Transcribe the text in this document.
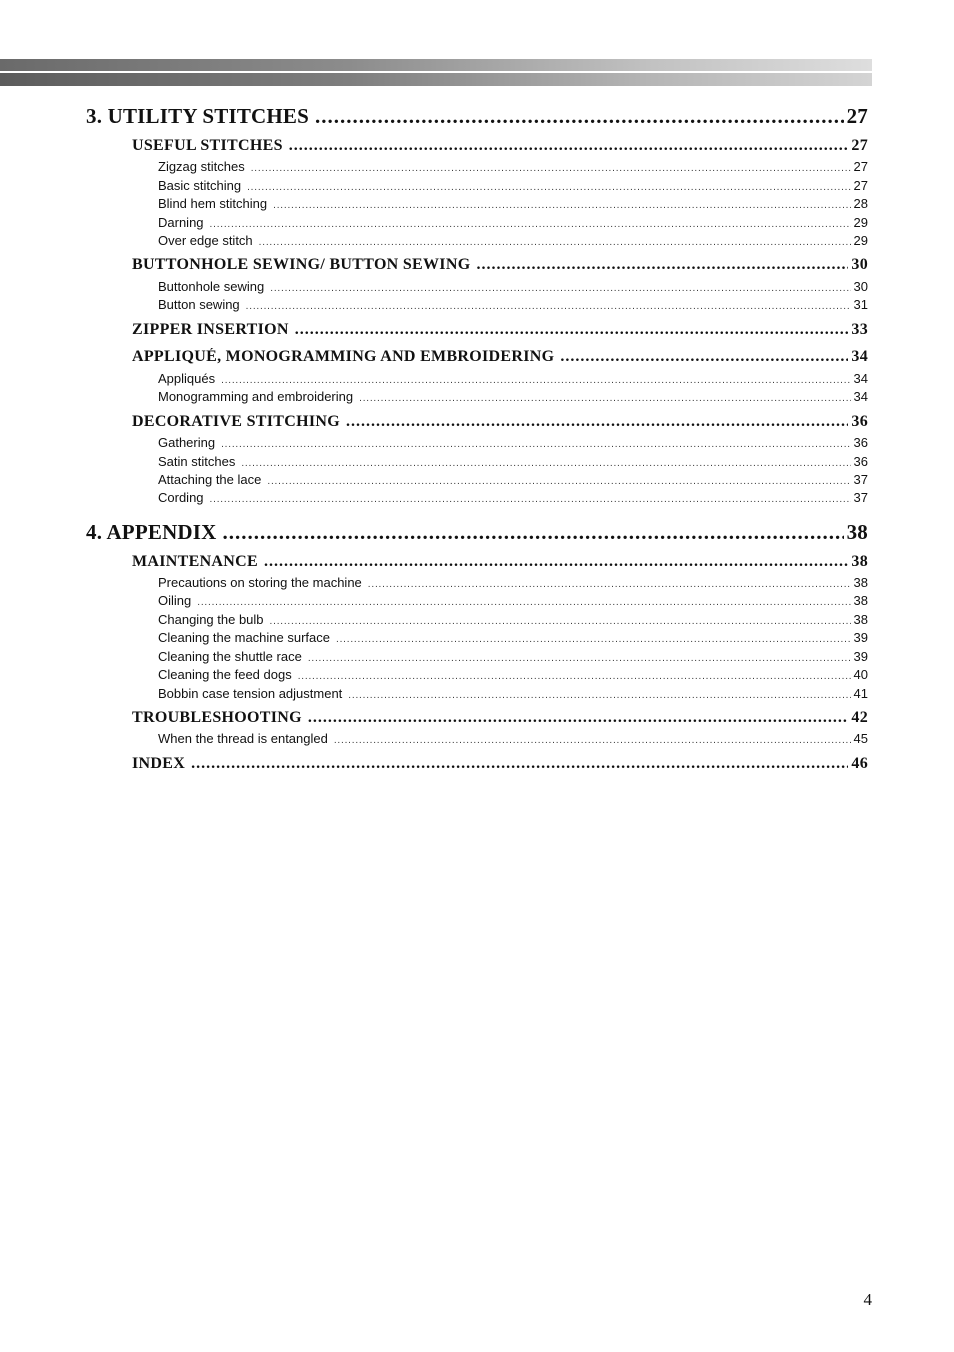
3. UTILITY STITCHES .....	27
USEFUL STITCHES .....	27
Zigzag stitches .....	27
Basic stitching .....	27
Blind hem stitching .....	28
Darning .....	29
Over edge stitch .....	29
BUTTONHOLE SEWING/ BUTTON SEWING .....	30
Buttonhole sewing .....	30
Button sewing .....	31
ZIPPER INSERTION .....	33
APPLIQUÉ, MONOGRAMMING AND EMBROIDERING .....	34
Appliqués .....	34
Monogramming and embroidering .....	34
DECORATIVE STITCHING .....	36
Gathering .....	36
Satin stitches .....	36
Attaching the lace .....	37
Cording .....	37
4. APPENDIX .....	38
MAINTENANCE .....	38
Precautions on storing the machine .....	38
Oiling .....	38
Changing the bulb .....	38
Cleaning the machine surface .....	39
Cleaning the shuttle race .....	39
Cleaning the feed dogs .....	40
Bobbin case tension adjustment .....	41
TROUBLESHOOTING .....	42
When the thread is entangled .....	45
INDEX .....	46
4
